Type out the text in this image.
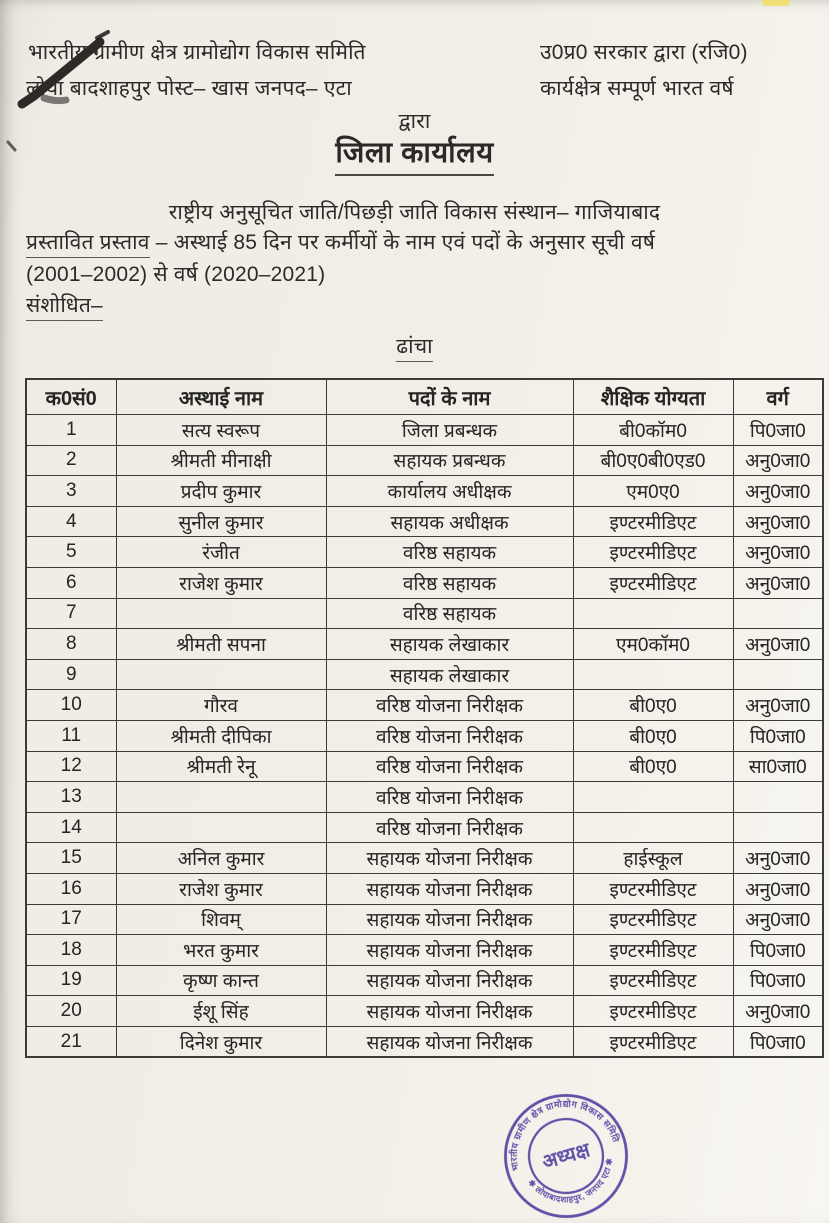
भारतीय ग्रामीण क्षेत्र ग्रामोद्योग विकास समिति
लोया बादशाहपुर पोस्ट– खास जनपद– एटा
उ0प्र0 सरकार द्वारा (रजि0)
कार्यक्षेत्र सम्पूर्ण भारत वर्ष
द्वारा
जिला कार्यालय
राष्ट्रीय अनुसूचित जाति/पिछड़ी जाति विकास संस्थान– गाजियाबाद
प्रस्तावित प्रस्ताव – अस्थाई 85 दिन पर कर्मीयों के नाम एवं पदों के अनुसार सूची वर्ष
(2001–2002) से वर्ष (2020–2021)
संशोधित–
ढांचा
क0सं0	अस्थाई नाम	पदों के नाम	शैक्षिक योग्यता	वर्ग
1	सत्य स्वरूप	जिला प्रबन्धक	बी0कॉम0	पि0जा0
2	श्रीमती मीनाक्षी	सहायक प्रबन्धक	बी0ए0बी0एड0	अनु0जा0
3	प्रदीप कुमार	कार्यालय अधीक्षक	एम0ए0	अनु0जा0
4	सुनील कुमार	सहायक अधीक्षक	इण्टरमीडिएट	अनु0जा0
5	रंजीत	वरिष्ठ सहायक	इण्टरमीडिएट	अनु0जा0
6	राजेश कुमार	वरिष्ठ सहायक	इण्टरमीडिएट	अनु0जा0
7		वरिष्ठ सहायक		
8	श्रीमती सपना	सहायक लेखाकार	एम0कॉम0	अनु0जा0
9		सहायक लेखाकार		
10	गौरव	वरिष्ठ योजना निरीक्षक	बी0ए0	अनु0जा0
11	श्रीमती दीपिका	वरिष्ठ योजना निरीक्षक	बी0ए0	पि0जा0
12	श्रीमती रेनू	वरिष्ठ योजना निरीक्षक	बी0ए0	सा0जा0
13		वरिष्ठ योजना निरीक्षक		
14		वरिष्ठ योजना निरीक्षक		
15	अनिल कुमार	सहायक योजना निरीक्षक	हाईस्कूल	अनु0जा0
16	राजेश कुमार	सहायक योजना निरीक्षक	इण्टरमीडिएट	अनु0जा0
17	शिवम्	सहायक योजना निरीक्षक	इण्टरमीडिएट	अनु0जा0
18	भरत कुमार	सहायक योजना निरीक्षक	इण्टरमीडिएट	पि0जा0
19	कृष्ण कान्त	सहायक योजना निरीक्षक	इण्टरमीडिएट	पि0जा0
20	ईशू सिंह	सहायक योजना निरीक्षक	इण्टरमीडिएट	अनु0जा0
21	दिनेश कुमार	सहायक योजना निरीक्षक	इण्टरमीडिएट	पि0जा0
भारतीय ग्रामीण क्षेत्र ग्रामोद्योग विकास समिति
✱ लोयाबादशाहपुर, जनपद एटा ✱
अध्यक्ष
